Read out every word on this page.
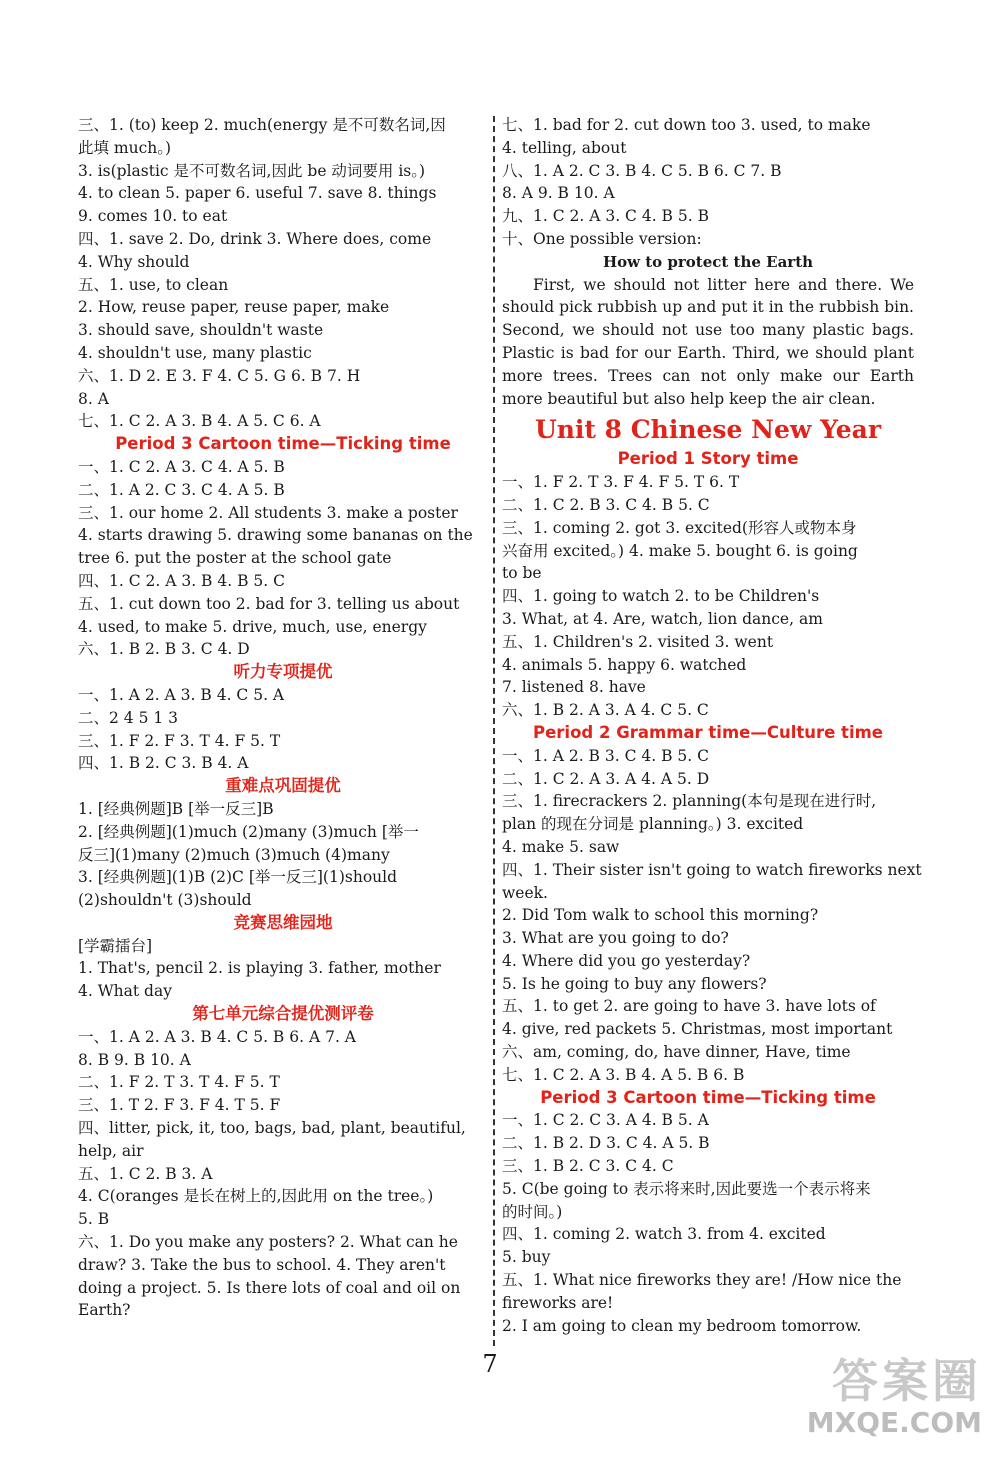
三、1. (to) keep 2. much(energy 是不可数名词,因
此填 much。)
3. is(plastic 是不可数名词,因此 be 动词要用 is。)
4. to clean 5. paper 6. useful 7. save 8. things
9. comes 10. to eat
四、1. save 2. Do, drink 3. Where does, come
4. Why should
五、1. use, to clean
2. How, reuse paper, reuse paper, make
3. should save, shouldn't waste
4. shouldn't use, many plastic
六、1. D 2. E 3. F 4. C 5. G 6. B 7. H
8. A
七、1. C 2. A 3. B 4. A 5. C 6. A
Period 3 Cartoon time—Ticking time
一、1. C 2. A 3. C 4. A 5. B
二、1. A 2. C 3. C 4. A 5. B
三、1. our home 2. All students 3. make a poster
4. starts drawing 5. drawing some bananas on the
tree 6. put the poster at the school gate
四、1. C 2. A 3. B 4. B 5. C
五、1. cut down too 2. bad for 3. telling us about
4. used, to make 5. drive, much, use, energy
六、1. B 2. B 3. C 4. D
听力专项提优
一、1. A 2. A 3. B 4. C 5. A
二、2 4 5 1 3
三、1. F 2. F 3. T 4. F 5. T
四、1. B 2. C 3. B 4. A
重难点巩固提优
1. [经典例题]B [举一反三]B
2. [经典例题](1)much (2)many (3)much [举一
反三](1)many (2)much (3)much (4)many
3. [经典例题](1)B (2)C [举一反三](1)should
(2)shouldn't (3)should
竞赛思维园地
[学霸擂台]
1. That's, pencil 2. is playing 3. father, mother
4. What day
第七单元综合提优测评卷
一、1. A 2. A 3. B 4. C 5. B 6. A 7. A
8. B 9. B 10. A
二、1. F 2. T 3. T 4. F 5. T
三、1. T 2. F 3. F 4. T 5. F
四、litter, pick, it, too, bags, bad, plant, beautiful,
help, air
五、1. C 2. B 3. A
4. C(oranges 是长在树上的,因此用 on the tree。)
5. B
六、1. Do you make any posters? 2. What can he
draw? 3. Take the bus to school. 4. They aren't
doing a project. 5. Is there lots of coal and oil on
Earth?
七、1. bad for 2. cut down too 3. used, to make
4. telling, about
八、1. A 2. C 3. B 4. C 5. B 6. C 7. B
8. A 9. B 10. A
九、1. C 2. A 3. C 4. B 5. B
十、One possible version:
How to protect the Earth
First, we should not litter here and there. We should pick rubbish up and put it in the rubbish bin. Second, we should not use too many plastic bags. Plastic is bad for our Earth. Third, we should plant more trees. Trees can not only make our Earth more beautiful but also help keep the air clean.
Unit 8 Chinese New Year
Period 1 Story time
一、1. F 2. T 3. F 4. F 5. T 6. T
二、1. C 2. B 3. C 4. B 5. C
三、1. coming 2. got 3. excited(形容人或物本身
兴奋用 excited。) 4. make 5. bought 6. is going
to be
四、1. going to watch 2. to be Children's
3. What, at 4. Are, watch, lion dance, am
五、1. Children's 2. visited 3. went
4. animals 5. happy 6. watched
7. listened 8. have
六、1. B 2. A 3. A 4. C 5. C
Period 2 Grammar time—Culture time
一、1. A 2. B 3. C 4. B 5. C
二、1. C 2. A 3. A 4. A 5. D
三、1. firecrackers 2. planning(本句是现在进行时,
plan 的现在分词是 planning。) 3. excited
4. make 5. saw
四、1. Their sister isn't going to watch fireworks next
week.
2. Did Tom walk to school this morning?
3. What are you going to do?
4. Where did you go yesterday?
5. Is he going to buy any flowers?
五、1. to get 2. are going to have 3. have lots of
4. give, red packets 5. Christmas, most important
六、am, coming, do, have dinner, Have, time
七、1. C 2. A 3. B 4. A 5. B 6. B
Period 3 Cartoon time—Ticking time
一、1. C 2. C 3. A 4. B 5. A
二、1. B 2. D 3. C 4. A 5. B
三、1. B 2. C 3. C 4. C
5. C(be going to 表示将来时,因此要选一个表示将来
的时间。)
四、1. coming 2. watch 3. from 4. excited
5. buy
五、1. What nice fireworks they are! /How nice the
fireworks are!
2. I am going to clean my bedroom tomorrow.
7	答案圈
MXQE.COM
